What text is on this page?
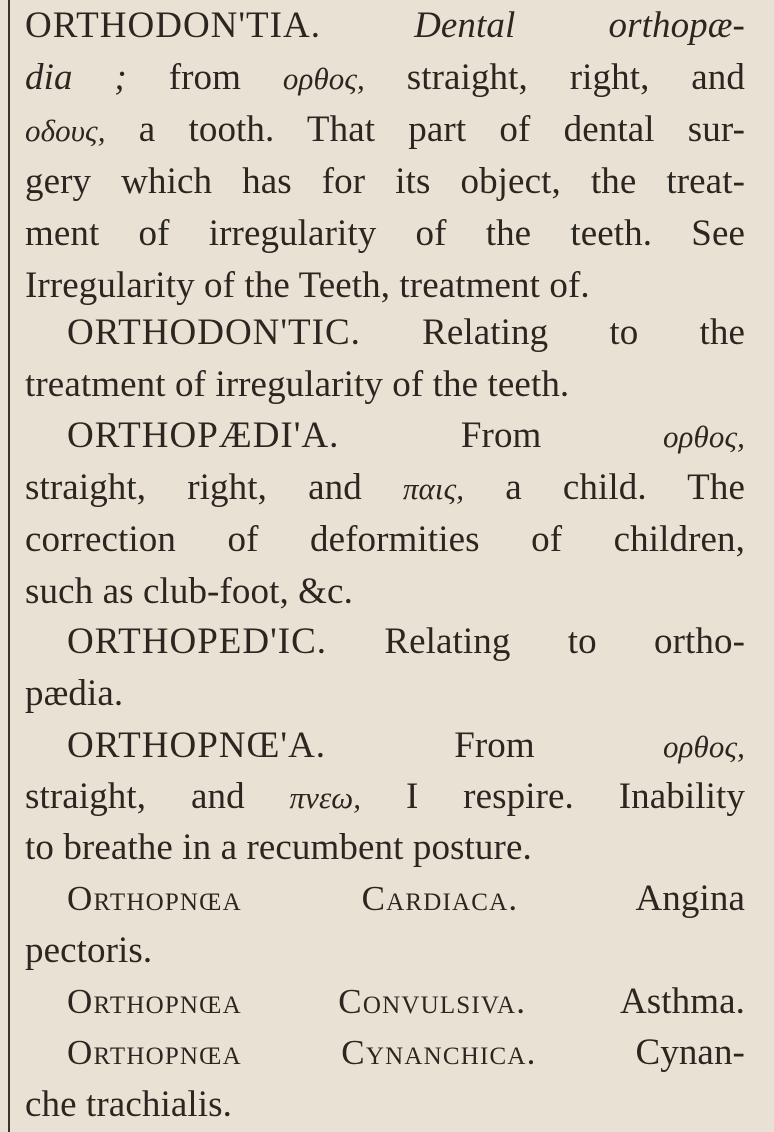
ORTHODON'TIA.	Dental orthopæ-
dia ; from ορθος, straight, right, and
οδους, a tooth. That part of dental sur-
gery which has for its object, the treat-
ment of irregularity of the teeth. See
Irregularity of the Teeth, treatment of.
ORTHODON'TIC. Relating to the
treatment of irregularity of the teeth.
ORTHOPÆDI'A.	From	ορθος,
straight, right, and παις, a child. The
correction of deformities of children,
such as club-foot, &c.
ORTHOPED'IC. Relating to ortho-
pædia.
ORTHOPNŒ'A.	From	ορθος,
straight, and πνεω, I respire. Inability
to breathe in a recumbent posture.
Orthopnœa Cardiaca.	Angina
pectoris.
Orthopnœa Convulsiva.	Asthma.
Orthopnœa Cynanchica.	Cynan-
che trachialis.
